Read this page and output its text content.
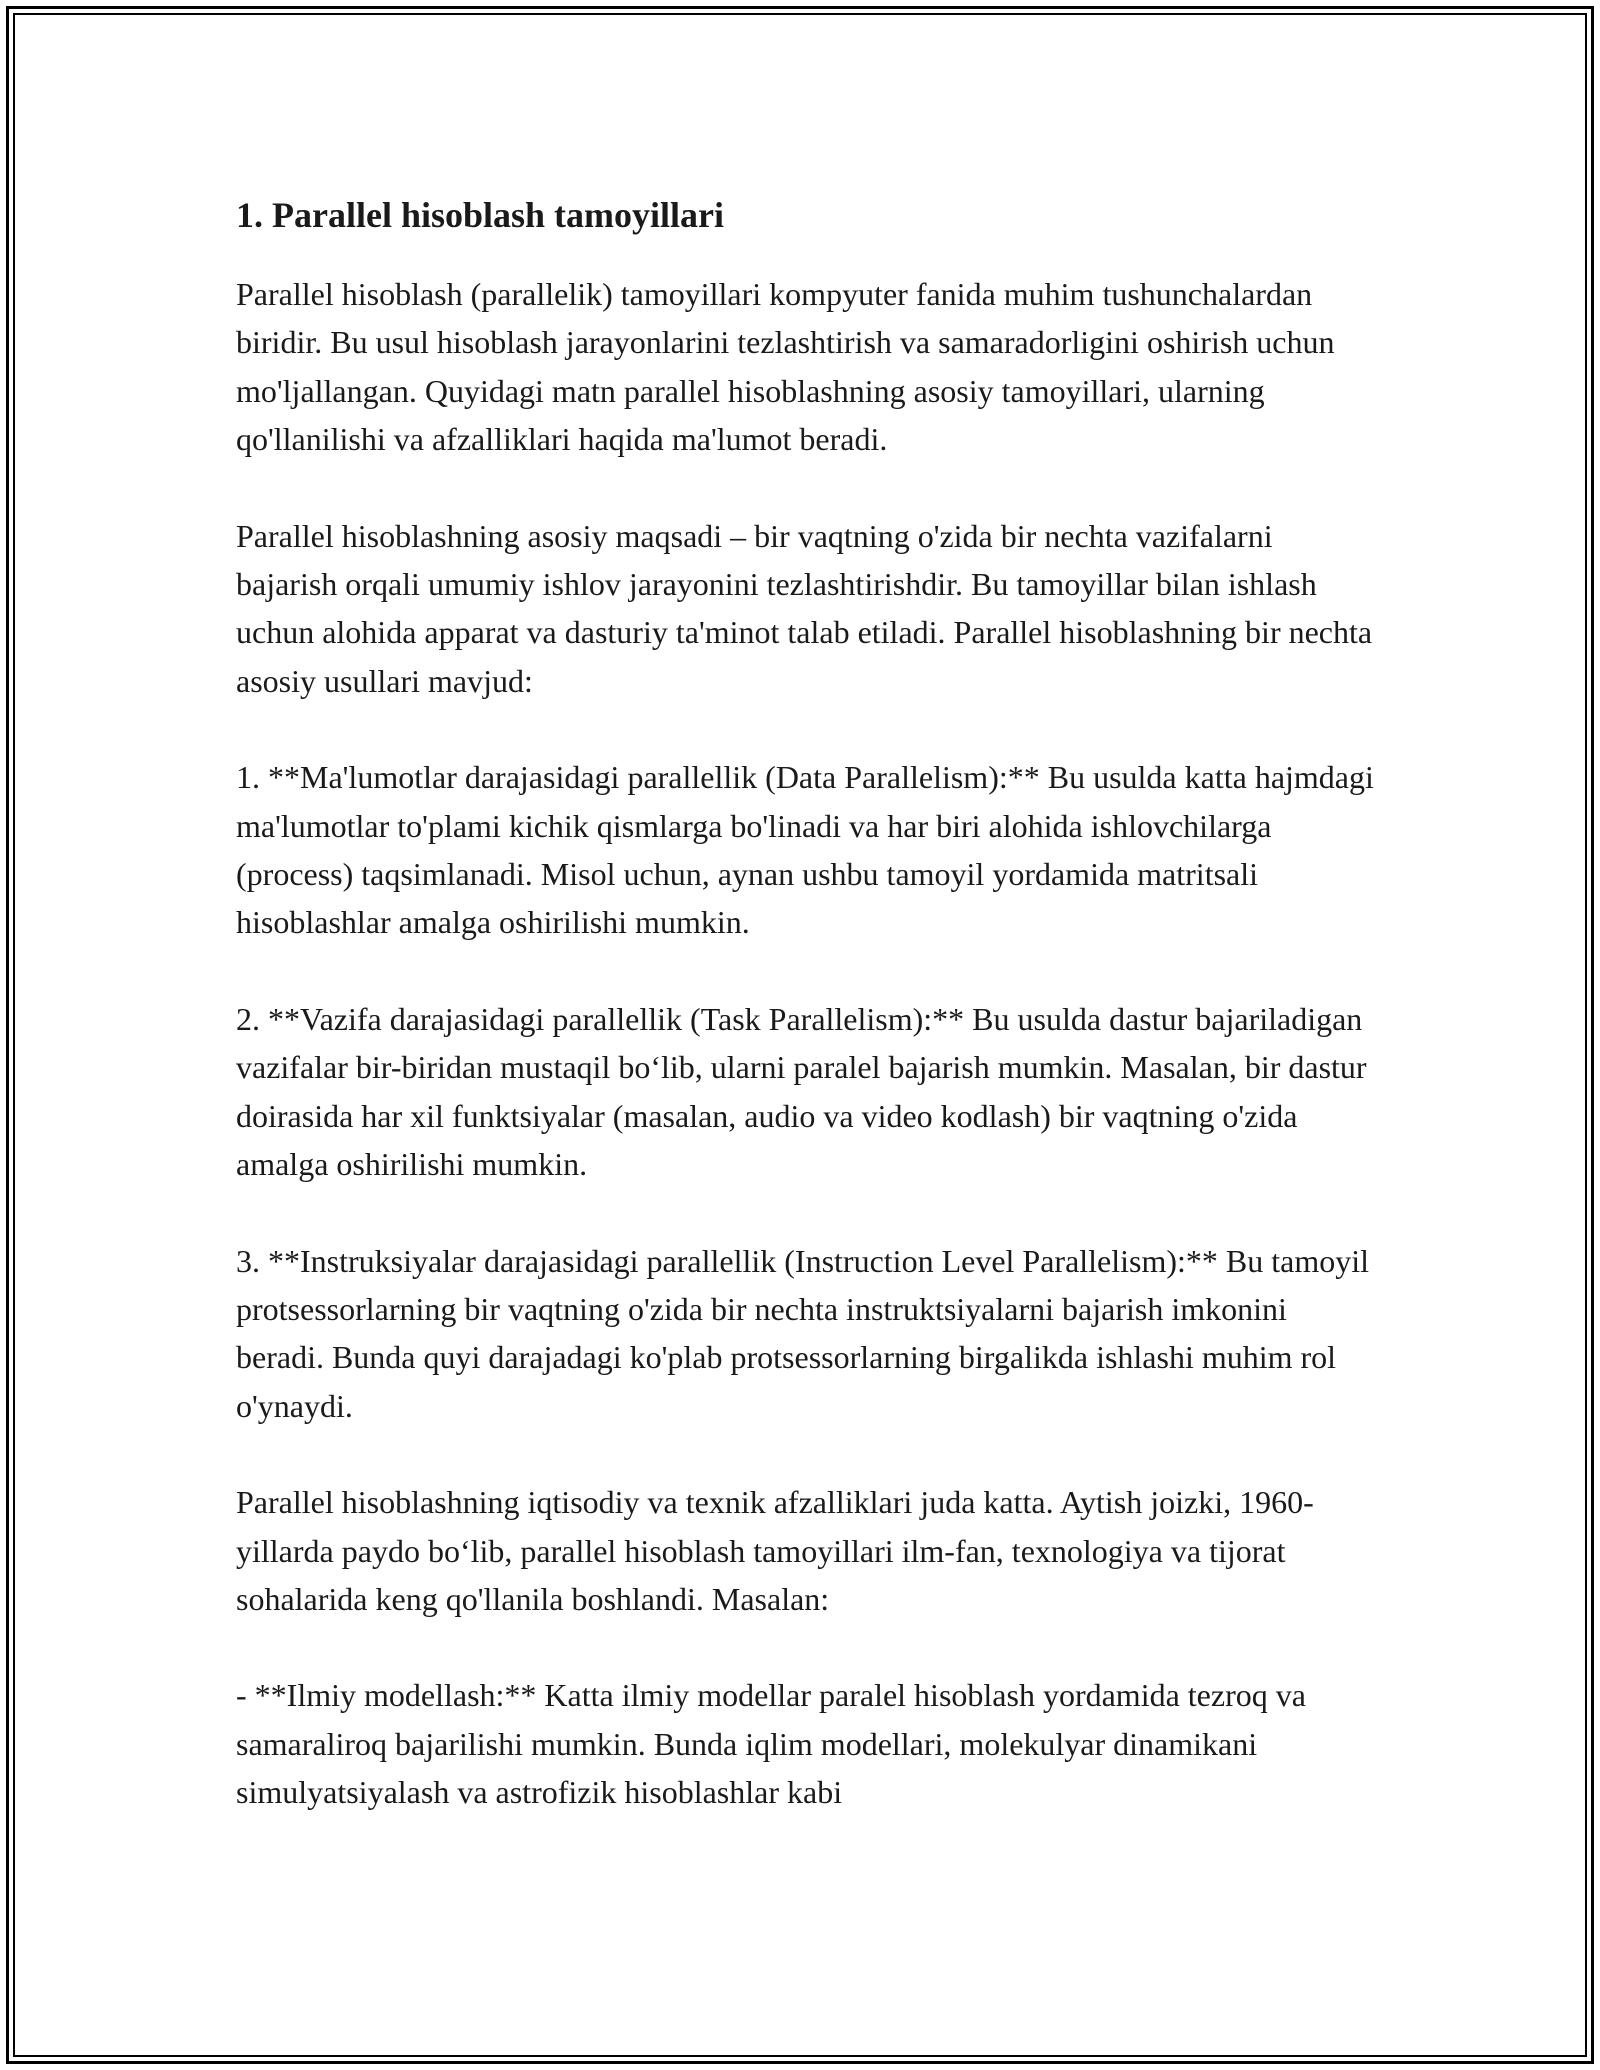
1. Parallel hisoblash tamoyillari

Parallel hisoblash (parallelik) tamoyillari kompyuter fanida muhim tushunchalardan biridir. Bu usul hisoblash jarayonlarini tezlashtirish va samaradorligini oshirish uchun mo'ljallangan. Quyidagi matn parallel hisoblashning asosiy tamoyillari, ularning qo'llanilishi va afzalliklari haqida ma'lumot beradi.

Parallel hisoblashning asosiy maqsadi – bir vaqtning o'zida bir nechta vazifalarni bajarish orqali umumiy ishlov jarayonini tezlashtirishdir. Bu tamoyillar bilan ishlash uchun alohida apparat va dasturiy ta'minot talab etiladi. Parallel hisoblashning bir nechta asosiy usullari mavjud:

1. **Ma'lumotlar darajasidagi parallellik (Data Parallelism):** Bu usulda katta hajmdagi ma'lumotlar to'plami kichik qismlarga bo'linadi va har biri alohida ishlovchilarga (process) taqsimlanadi. Misol uchun, aynan ushbu tamoyil yordamida matritsali hisoblashlar amalga oshirilishi mumkin.

2. **Vazifa darajasidagi parallellik (Task Parallelism):** Bu usulda dastur bajariladigan vazifalar bir-biridan mustaqil bo‘lib, ularni paralel bajarish mumkin. Masalan, bir dastur doirasida har xil funktsiyalar (masalan, audio va video kodlash) bir vaqtning o'zida amalga oshirilishi mumkin.

3. **Instruksiyalar darajasidagi parallellik (Instruction Level Parallelism):** Bu tamoyil protsessorlarning bir vaqtning o'zida bir nechta instruktsiyalarni bajarish imkonini beradi. Bunda quyi darajadagi ko'plab protsessorlarning birgalikda ishlashi muhim rol o'ynaydi.

Parallel hisoblashning iqtisodiy va texnik afzalliklari juda katta. Aytish joizki, 1960-yillarda paydo bo‘lib, parallel hisoblash tamoyillari ilm-fan, texnologiya va tijorat sohalarida keng qo'llanila boshlandi. Masalan:

- **Ilmiy modellash:** Katta ilmiy modellar paralel hisoblash yordamida tezroq va samaraliroq bajarilishi mumkin. Bunda iqlim modellari, molekulyar dinamikani simulyatsiyalash va astrofizik hisoblashlar kabi
